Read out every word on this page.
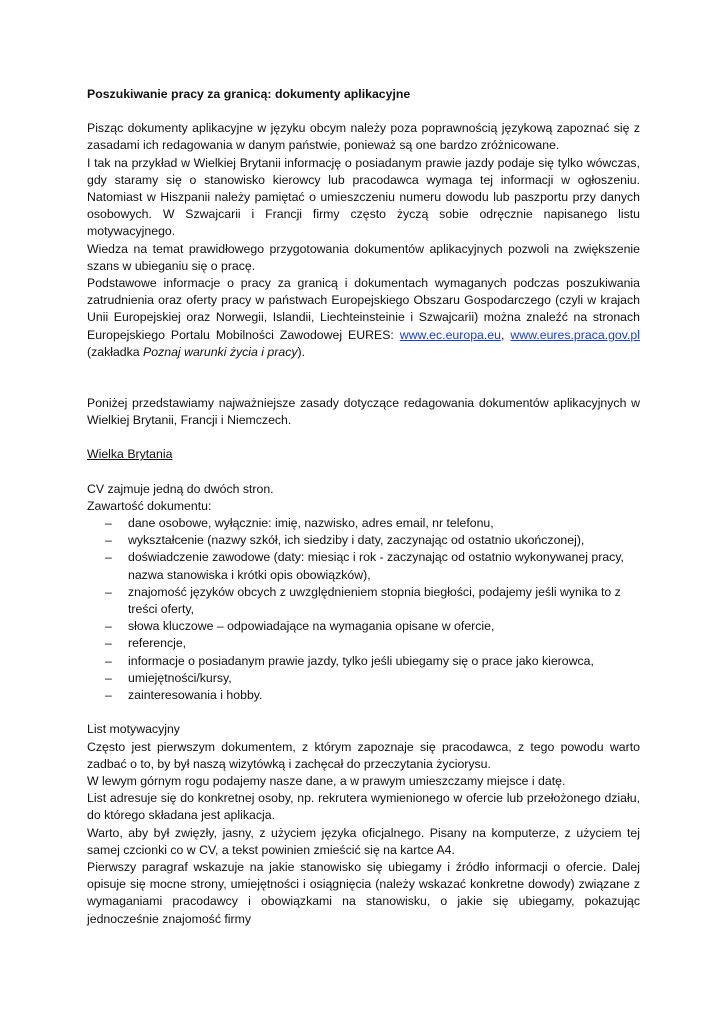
Poszukiwanie pracy za granicą: dokumenty aplikacyjne

Pisząc dokumenty aplikacyjne w języku obcym należy poza poprawnością językową zapoznać się z zasadami ich redagowania w danym państwie, ponieważ są one bardzo zróżnicowane.

I tak na przykład w Wielkiej Brytanii informację o posiadanym prawie jazdy podaje się tylko wówczas, gdy staramy się o stanowisko kierowcy lub pracodawca wymaga tej informacji w ogłoszeniu. Natomiast w Hiszpanii należy pamiętać o umieszczeniu numeru dowodu lub paszportu przy danych osobowych. W Szwajcarii i Francji firmy często życzą sobie odręcznie napisanego listu motywacyjnego.

Wiedza na temat prawidłowego przygotowania dokumentów aplikacyjnych pozwoli na zwiększenie szans w ubieganiu się o pracę.

Podstawowe informacje o pracy za granicą i dokumentach wymaganych podczas poszukiwania zatrudnienia oraz oferty pracy w państwach Europejskiego Obszaru Gospodarczego (czyli w krajach Unii Europejskiej oraz Norwegii, Islandii, Liechteinsteinie i Szwajcarii) można znaleźć na stronach Europejskiego Portalu Mobilności Zawodowej EURES: www.ec.europa.eu, www.eures.praca.gov.pl (zakładka Poznaj warunki życia i pracy).

Poniżej przedstawiamy najważniejsze zasady dotyczące redagowania dokumentów aplikacyjnych w Wielkiej Brytanii, Francji i Niemczech.

Wielka Brytania

CV zajmuje jedną do dwóch stron.

Zawartość dokumentu:

– dane osobowe, wyłącznie: imię, nazwisko, adres email, nr telefonu,
– wykształcenie (nazwy szkół, ich siedziby i daty, zaczynając od ostatnio ukończonej),
– doświadczenie zawodowe (daty: miesiąc i rok - zaczynając od ostatnio wykonywanej pracy, nazwa stanowiska i krótki opis obowiązków),
– znajomość języków obcych z uwzględnieniem stopnia biegłości, podajemy jeśli wynika to z treści oferty,
– słowa kluczowe – odpowiadające na wymagania opisane w ofercie,
– referencje,
– informacje o posiadanym prawie jazdy, tylko jeśli ubiegamy się o prace jako kierowca,
– umiejętności/kursy,
– zainteresowania i hobby.

List motywacyjny

Często jest pierwszym dokumentem, z którym zapoznaje się pracodawca, z tego powodu warto zadbać o to, by był naszą wizytówką i zachęcał do przeczytania życiorysu.

W lewym górnym rogu podajemy nasze dane, a w prawym umieszczamy miejsce i datę.

List adresuje się do konkretnej osoby, np. rekrutera wymienionego w ofercie lub przełożonego działu, do którego składana jest aplikacja.

Warto, aby był zwięzły, jasny, z użyciem języka oficjalnego. Pisany na komputerze, z użyciem tej samej czcionki co w CV, a tekst powinien zmieścić się na kartce A4.

Pierwszy paragraf wskazuje na jakie stanowisko się ubiegamy i źródło informacji o ofercie. Dalej opisuje się mocne strony, umiejętności i osiągnięcia (należy wskazać konkretne dowody) związane z wymaganiami pracodawcy i obowiązkami na stanowisku, o jakie się ubiegamy, pokazując jednocześnie znajomość firmy
